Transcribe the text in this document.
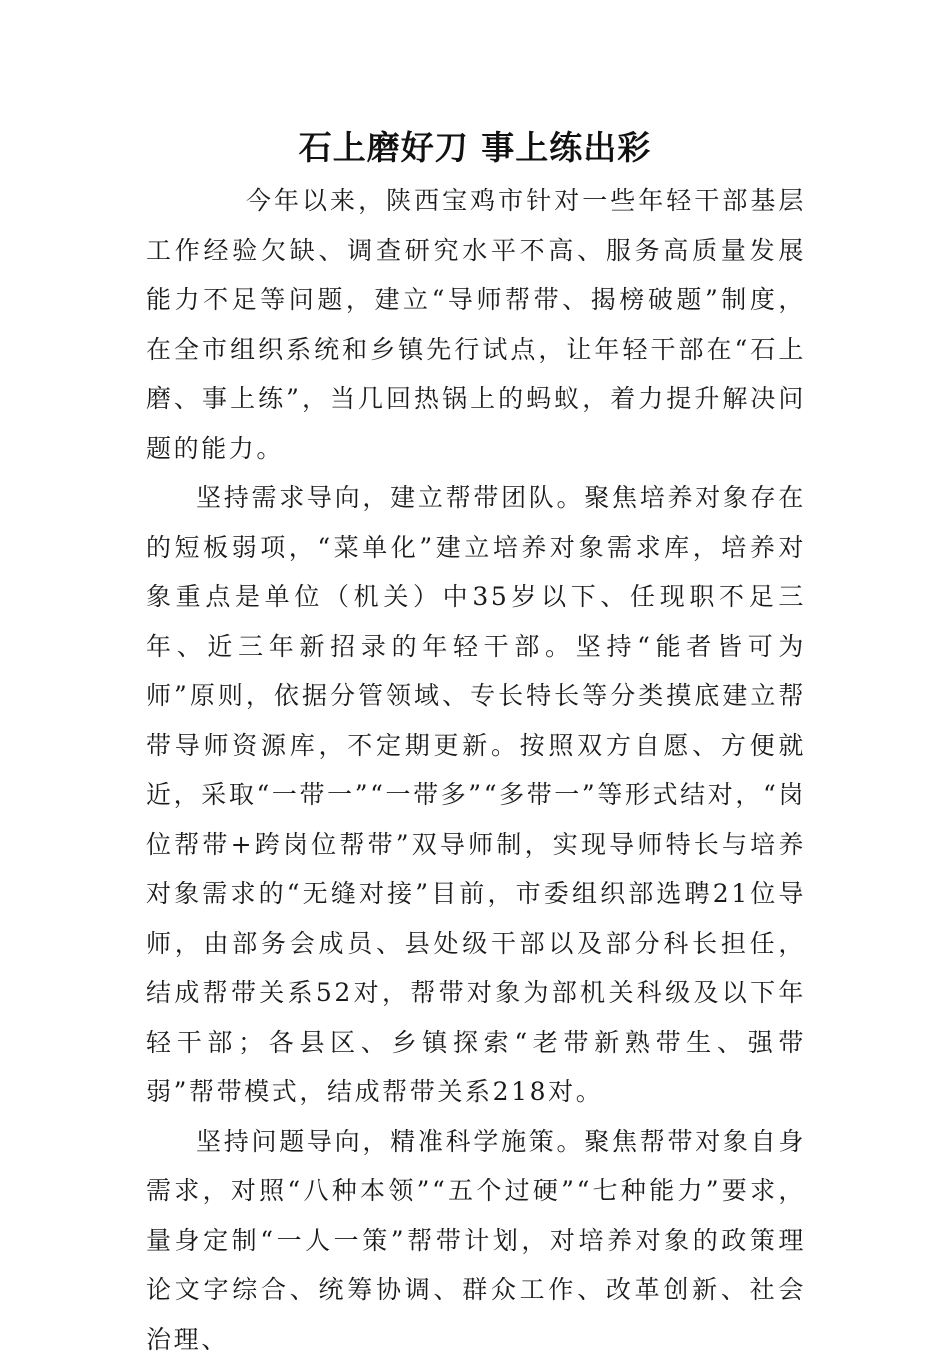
石上磨好刀 事上练出彩

今年以来，陕西宝鸡市针对一些年轻干部基层工作经验欠缺、调查研究水平不高、服务高质量发展能力不足等问题，建立“导师帮带、揭榜破题”制度，在全市组织系统和乡镇先行试点，让年轻干部在“石上磨、事上练”，当几回热锅上的蚂蚁，着力提升解决问题的能力。

坚持需求导向，建立帮带团队。聚焦培养对象存在的短板弱项，“菜单化”建立培养对象需求库，培养对象重点是单位（机关）中35岁以下、任现职不足三年、近三年新招录的年轻干部。坚持“能者皆可为师”原则，依据分管领域、专长特长等分类摸底建立帮带导师资源库，不定期更新。按照双方自愿、方便就近，采取“一带一”“一带多”“多带一”等形式结对，“岗位帮带+跨岗位帮带”双导师制，实现导师特长与培养对象需求的“无缝对接”目前，市委组织部选聘21位导师，由部务会成员、县处级干部以及部分科长担任，结成帮带关系52对，帮带对象为部机关科级及以下年轻干部；各县区、乡镇探索“老带新熟带生、强带弱”帮带模式，结成帮带关系218对。

坚持问题导向，精准科学施策。聚焦帮带对象自身需求，对照“八种本领”“五个过硬”“七种能力”要求，量身定制“一人一策”帮带计划，对培养对象的政策理论文字综合、统筹协调、群众工作、改革创新、社会治理、
